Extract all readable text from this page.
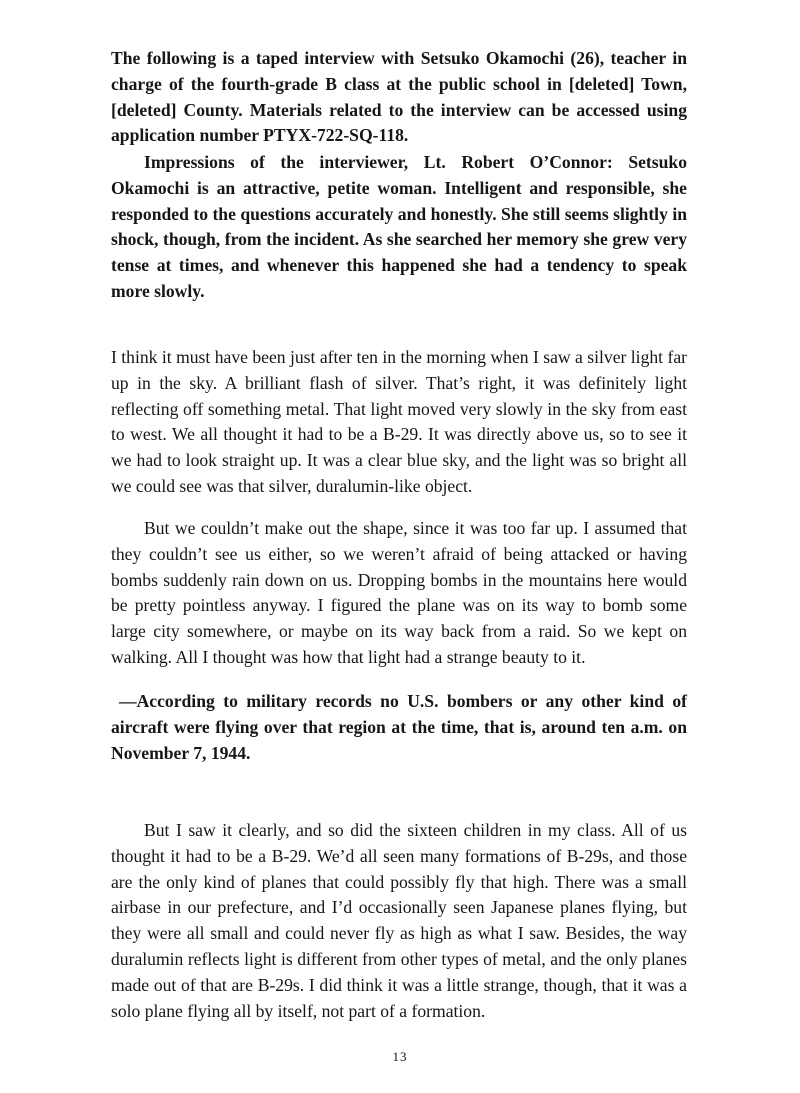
The following is a taped interview with Setsuko Okamochi (26), teacher in charge of the fourth-grade B class at the public school in [deleted] Town, [deleted] County. Materials related to the interview can be accessed using application number PTYX-722-SQ-118.

Impressions of the interviewer, Lt. Robert O’Connor: Setsuko Okamochi is an attractive, petite woman. Intelligent and responsible, she responded to the questions accurately and honestly. She still seems slightly in shock, though, from the incident. As she searched her memory she grew very tense at times, and whenever this happened she had a tendency to speak more slowly.

I think it must have been just after ten in the morning when I saw a silver light far up in the sky. A brilliant flash of silver. That’s right, it was definitely light reflecting off something metal. That light moved very slowly in the sky from east to west. We all thought it had to be a B-29. It was directly above us, so to see it we had to look straight up. It was a clear blue sky, and the light was so bright all we could see was that silver, duralumin-like object.

But we couldn’t make out the shape, since it was too far up. I assumed that they couldn’t see us either, so we weren’t afraid of being attacked or having bombs suddenly rain down on us. Dropping bombs in the mountains here would be pretty pointless anyway. I figured the plane was on its way to bomb some large city somewhere, or maybe on its way back from a raid. So we kept on walking. All I thought was how that light had a strange beauty to it.

—According to military records no U.S. bombers or any other kind of aircraft were flying over that region at the time, that is, around ten a.m. on November 7, 1944.

But I saw it clearly, and so did the sixteen children in my class. All of us thought it had to be a B-29. We’d all seen many formations of B-29s, and those are the only kind of planes that could possibly fly that high. There was a small airbase in our prefecture, and I’d occasionally seen Japanese planes flying, but they were all small and could never fly as high as what I saw. Besides, the way duralumin reflects light is different from other types of metal, and the only planes made out of that are B-29s. I did think it was a little strange, though, that it was a solo plane flying all by itself, not part of a formation.

13
